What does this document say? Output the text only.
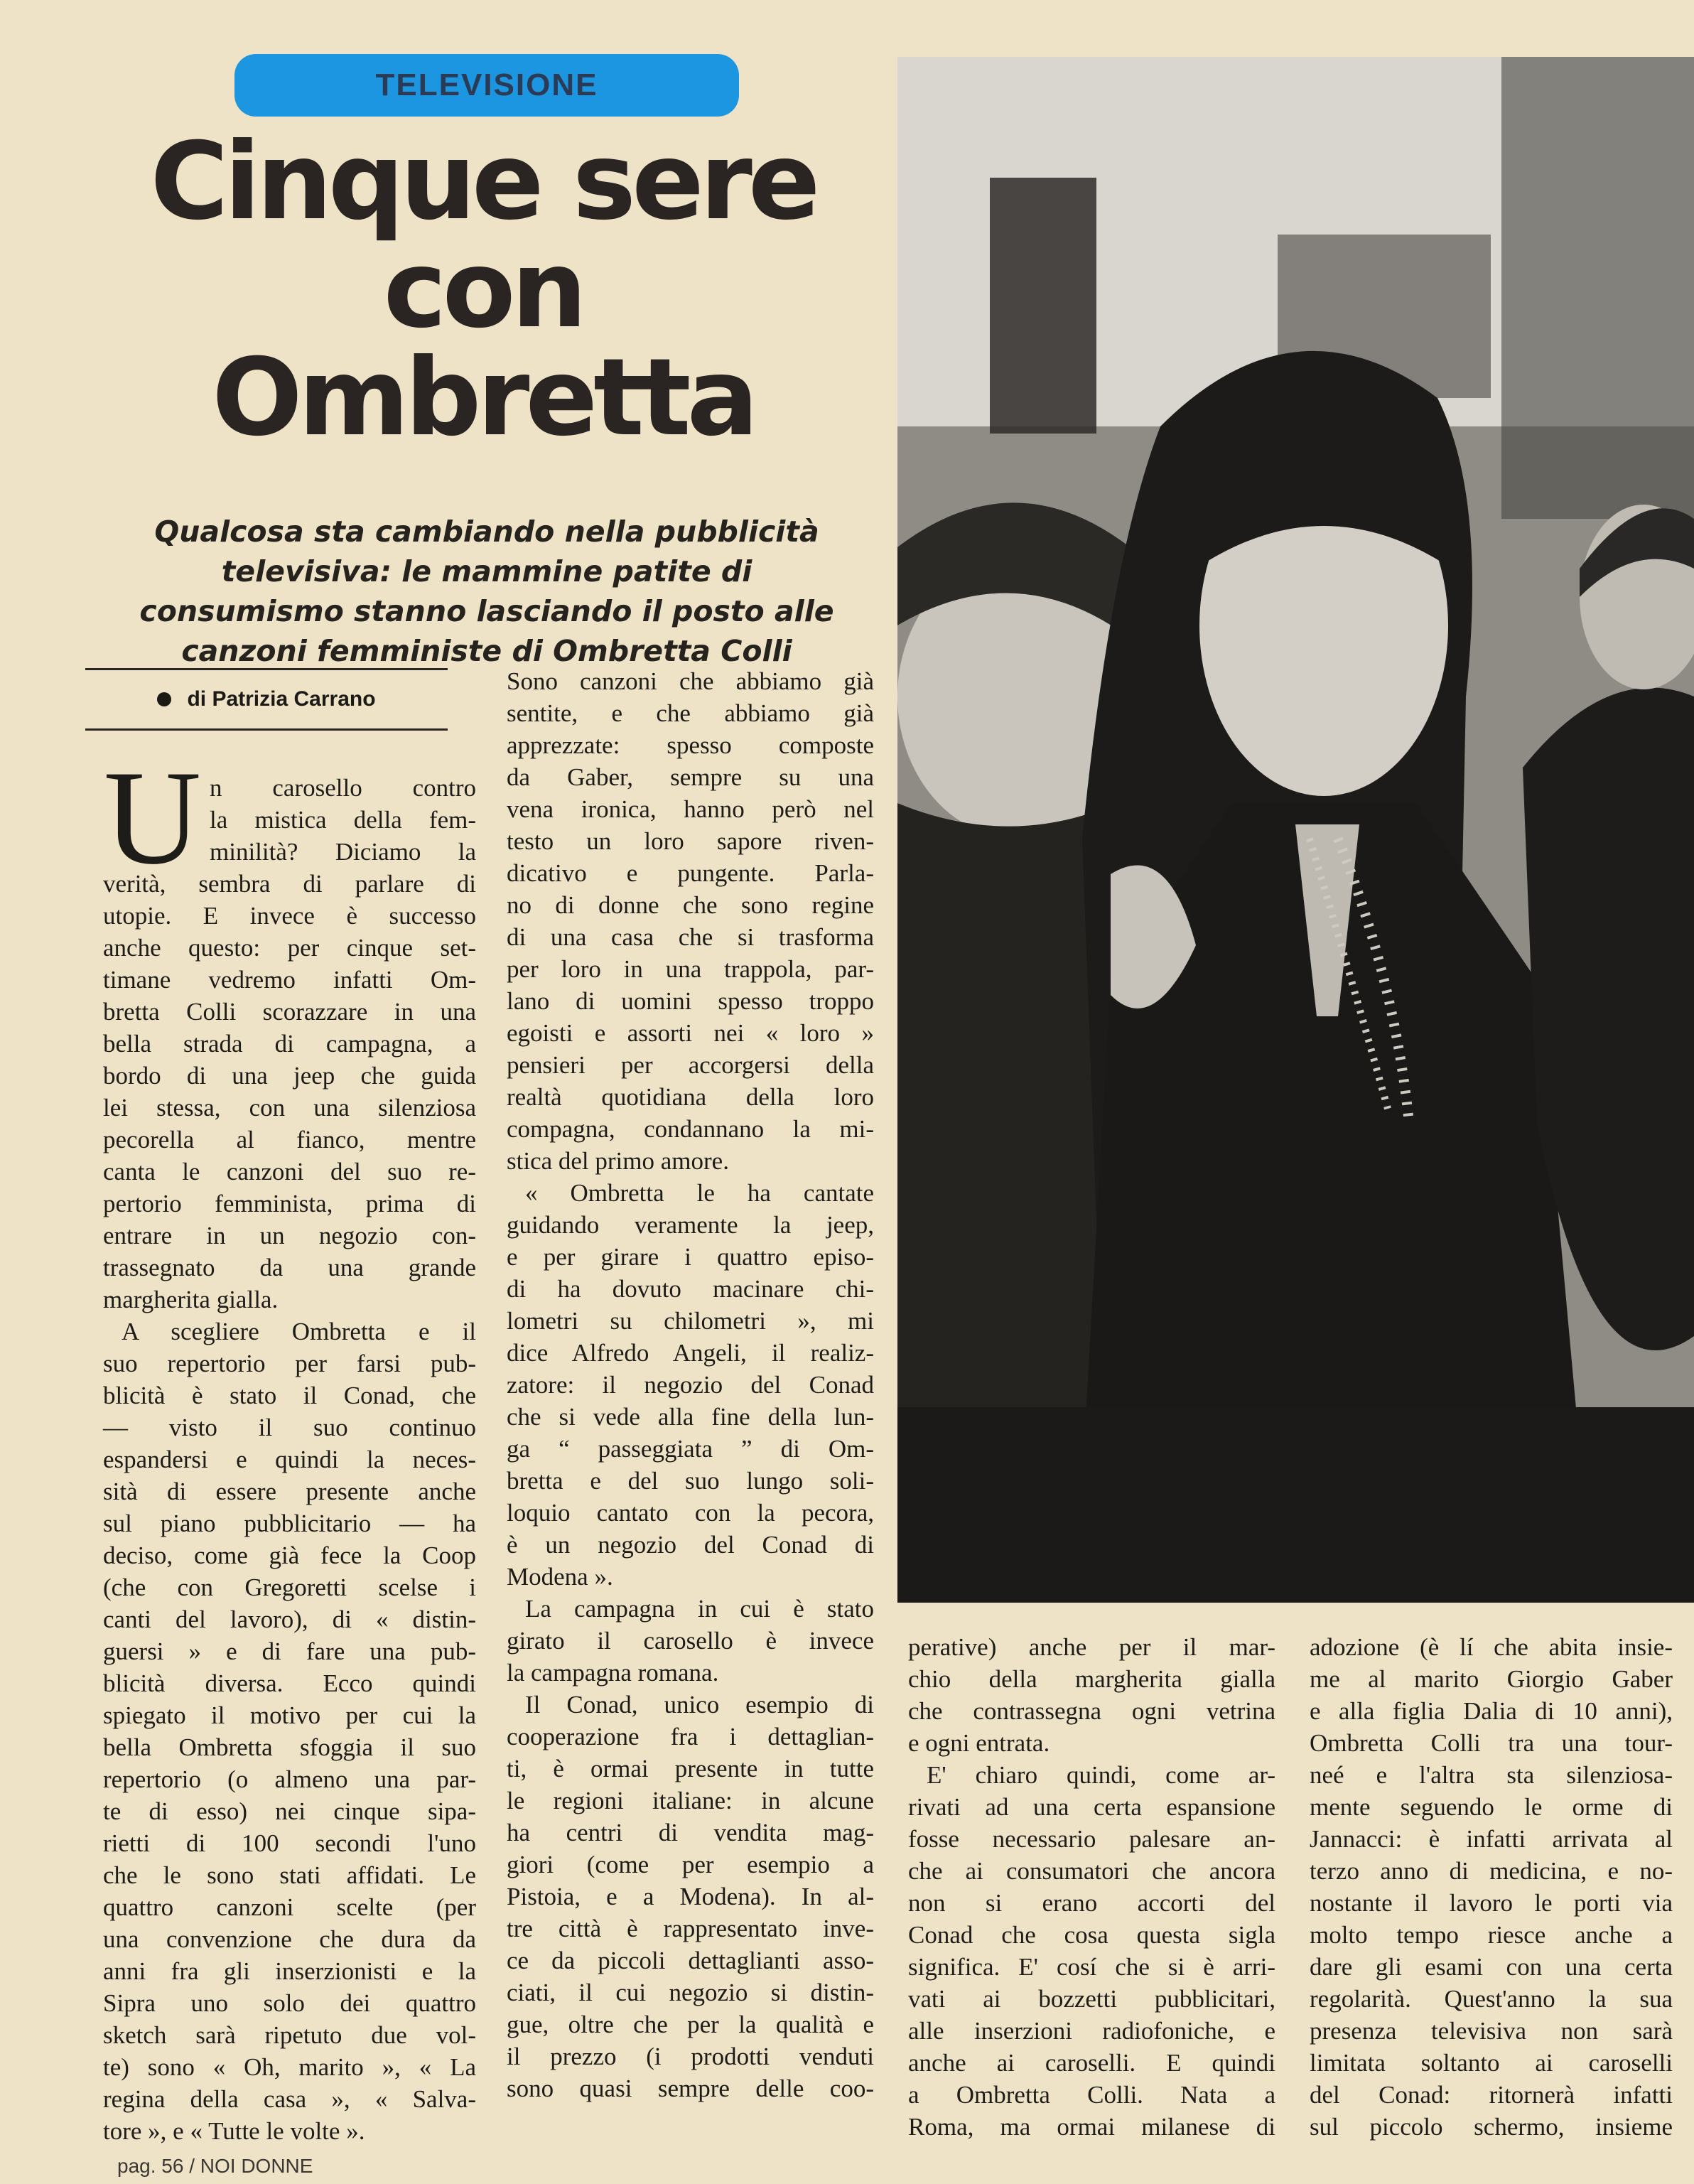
TELEVISIONE
Cinque sere
con
Ombretta
Qualcosa sta cambiando nella pubblicità
televisiva: le mammine patite di
consumismo stanno lasciando il posto alle
canzoni femministe di Ombretta Colli
di Patrizia Carrano
U n carosello contro
la mistica della fem-
minilità? Diciamo la
verità, sembra di parlare di
utopie. E invece è successo
anche questo: per cinque set-
timane vedremo infatti Om-
bretta Colli scorazzare in una
bella strada di campagna, a
bordo di una jeep che guida
lei stessa, con una silenziosa
pecorella al fianco, mentre
canta le canzoni del suo re-
pertorio femminista, prima di
entrare in un negozio con-
trassegnato da una grande
margherita gialla.
A scegliere Ombretta e il
suo repertorio per farsi pub-
blicità è stato il Conad, che
— visto il suo continuo
espandersi e quindi la neces-
sità di essere presente anche
sul piano pubblicitario — ha
deciso, come già fece la Coop
(che con Gregoretti scelse i
canti del lavoro), di « distin-
guersi » e di fare una pub-
blicità diversa. Ecco quindi
spiegato il motivo per cui la
bella Ombretta sfoggia il suo
repertorio (o almeno una par-
te di esso) nei cinque sipa-
rietti di 100 secondi l'uno
che le sono stati affidati. Le
quattro canzoni scelte (per
una convenzione che dura da
anni fra gli inserzionisti e la
Sipra uno solo dei quattro
sketch sarà ripetuto due vol-
te) sono « Oh, marito », « La
regina della casa », « Salva-
tore », e « Tutte le volte ».
Sono canzoni che abbiamo già
sentite, e che abbiamo già
apprezzate: spesso composte
da Gaber, sempre su una
vena ironica, hanno però nel
testo un loro sapore riven-
dicativo e pungente. Parla-
no di donne che sono regine
di una casa che si trasforma
per loro in una trappola, par-
lano di uomini spesso troppo
egoisti e assorti nei « loro »
pensieri per accorgersi della
realtà quotidiana della loro
compagna, condannano la mi-
stica del primo amore.
« Ombretta le ha cantate
guidando veramente la jeep,
e per girare i quattro episo-
di ha dovuto macinare chi-
lometri su chilometri », mi
dice Alfredo Angeli, il realiz-
zatore: il negozio del Conad
che si vede alla fine della lun-
ga “ passeggiata ” di Om-
bretta e del suo lungo soli-
loquio cantato con la pecora,
è un negozio del Conad di
Modena ».
La campagna in cui è stato
girato il carosello è invece
la campagna romana.
Il Conad, unico esempio di
cooperazione fra i dettaglian-
ti, è ormai presente in tutte
le regioni italiane: in alcune
ha centri di vendita mag-
giori (come per esempio a
Pistoia, e a Modena). In al-
tre città è rappresentato inve-
ce da piccoli dettaglianti asso-
ciati, il cui negozio si distin-
gue, oltre che per la qualità e
il prezzo (i prodotti venduti
sono quasi sempre delle coo-
perative) anche per il mar-
chio della margherita gialla
che contrassegna ogni vetrina
e ogni entrata.
E' chiaro quindi, come ar-
rivati ad una certa espansione
fosse necessario palesare an-
che ai consumatori che ancora
non si erano accorti del
Conad che cosa questa sigla
significa. E' cosí che si è arri-
vati ai bozzetti pubblicitari,
alle inserzioni radiofoniche, e
anche ai caroselli. E quindi
a Ombretta Colli. Nata a
Roma, ma ormai milanese di
adozione (è lí che abita insie-
me al marito Giorgio Gaber
e alla figlia Dalia di 10 anni),
Ombretta Colli tra una tour-
neé e l'altra sta silenziosa-
mente seguendo le orme di
Jannacci: è infatti arrivata al
terzo anno di medicina, e no-
nostante il lavoro le porti via
molto tempo riesce anche a
dare gli esami con una certa
regolarità. Quest'anno la sua
presenza televisiva non sarà
limitata soltanto ai caroselli
del Conad: ritornerà infatti
sul piccolo schermo, insieme
pag. 56 / NOI DONNE
